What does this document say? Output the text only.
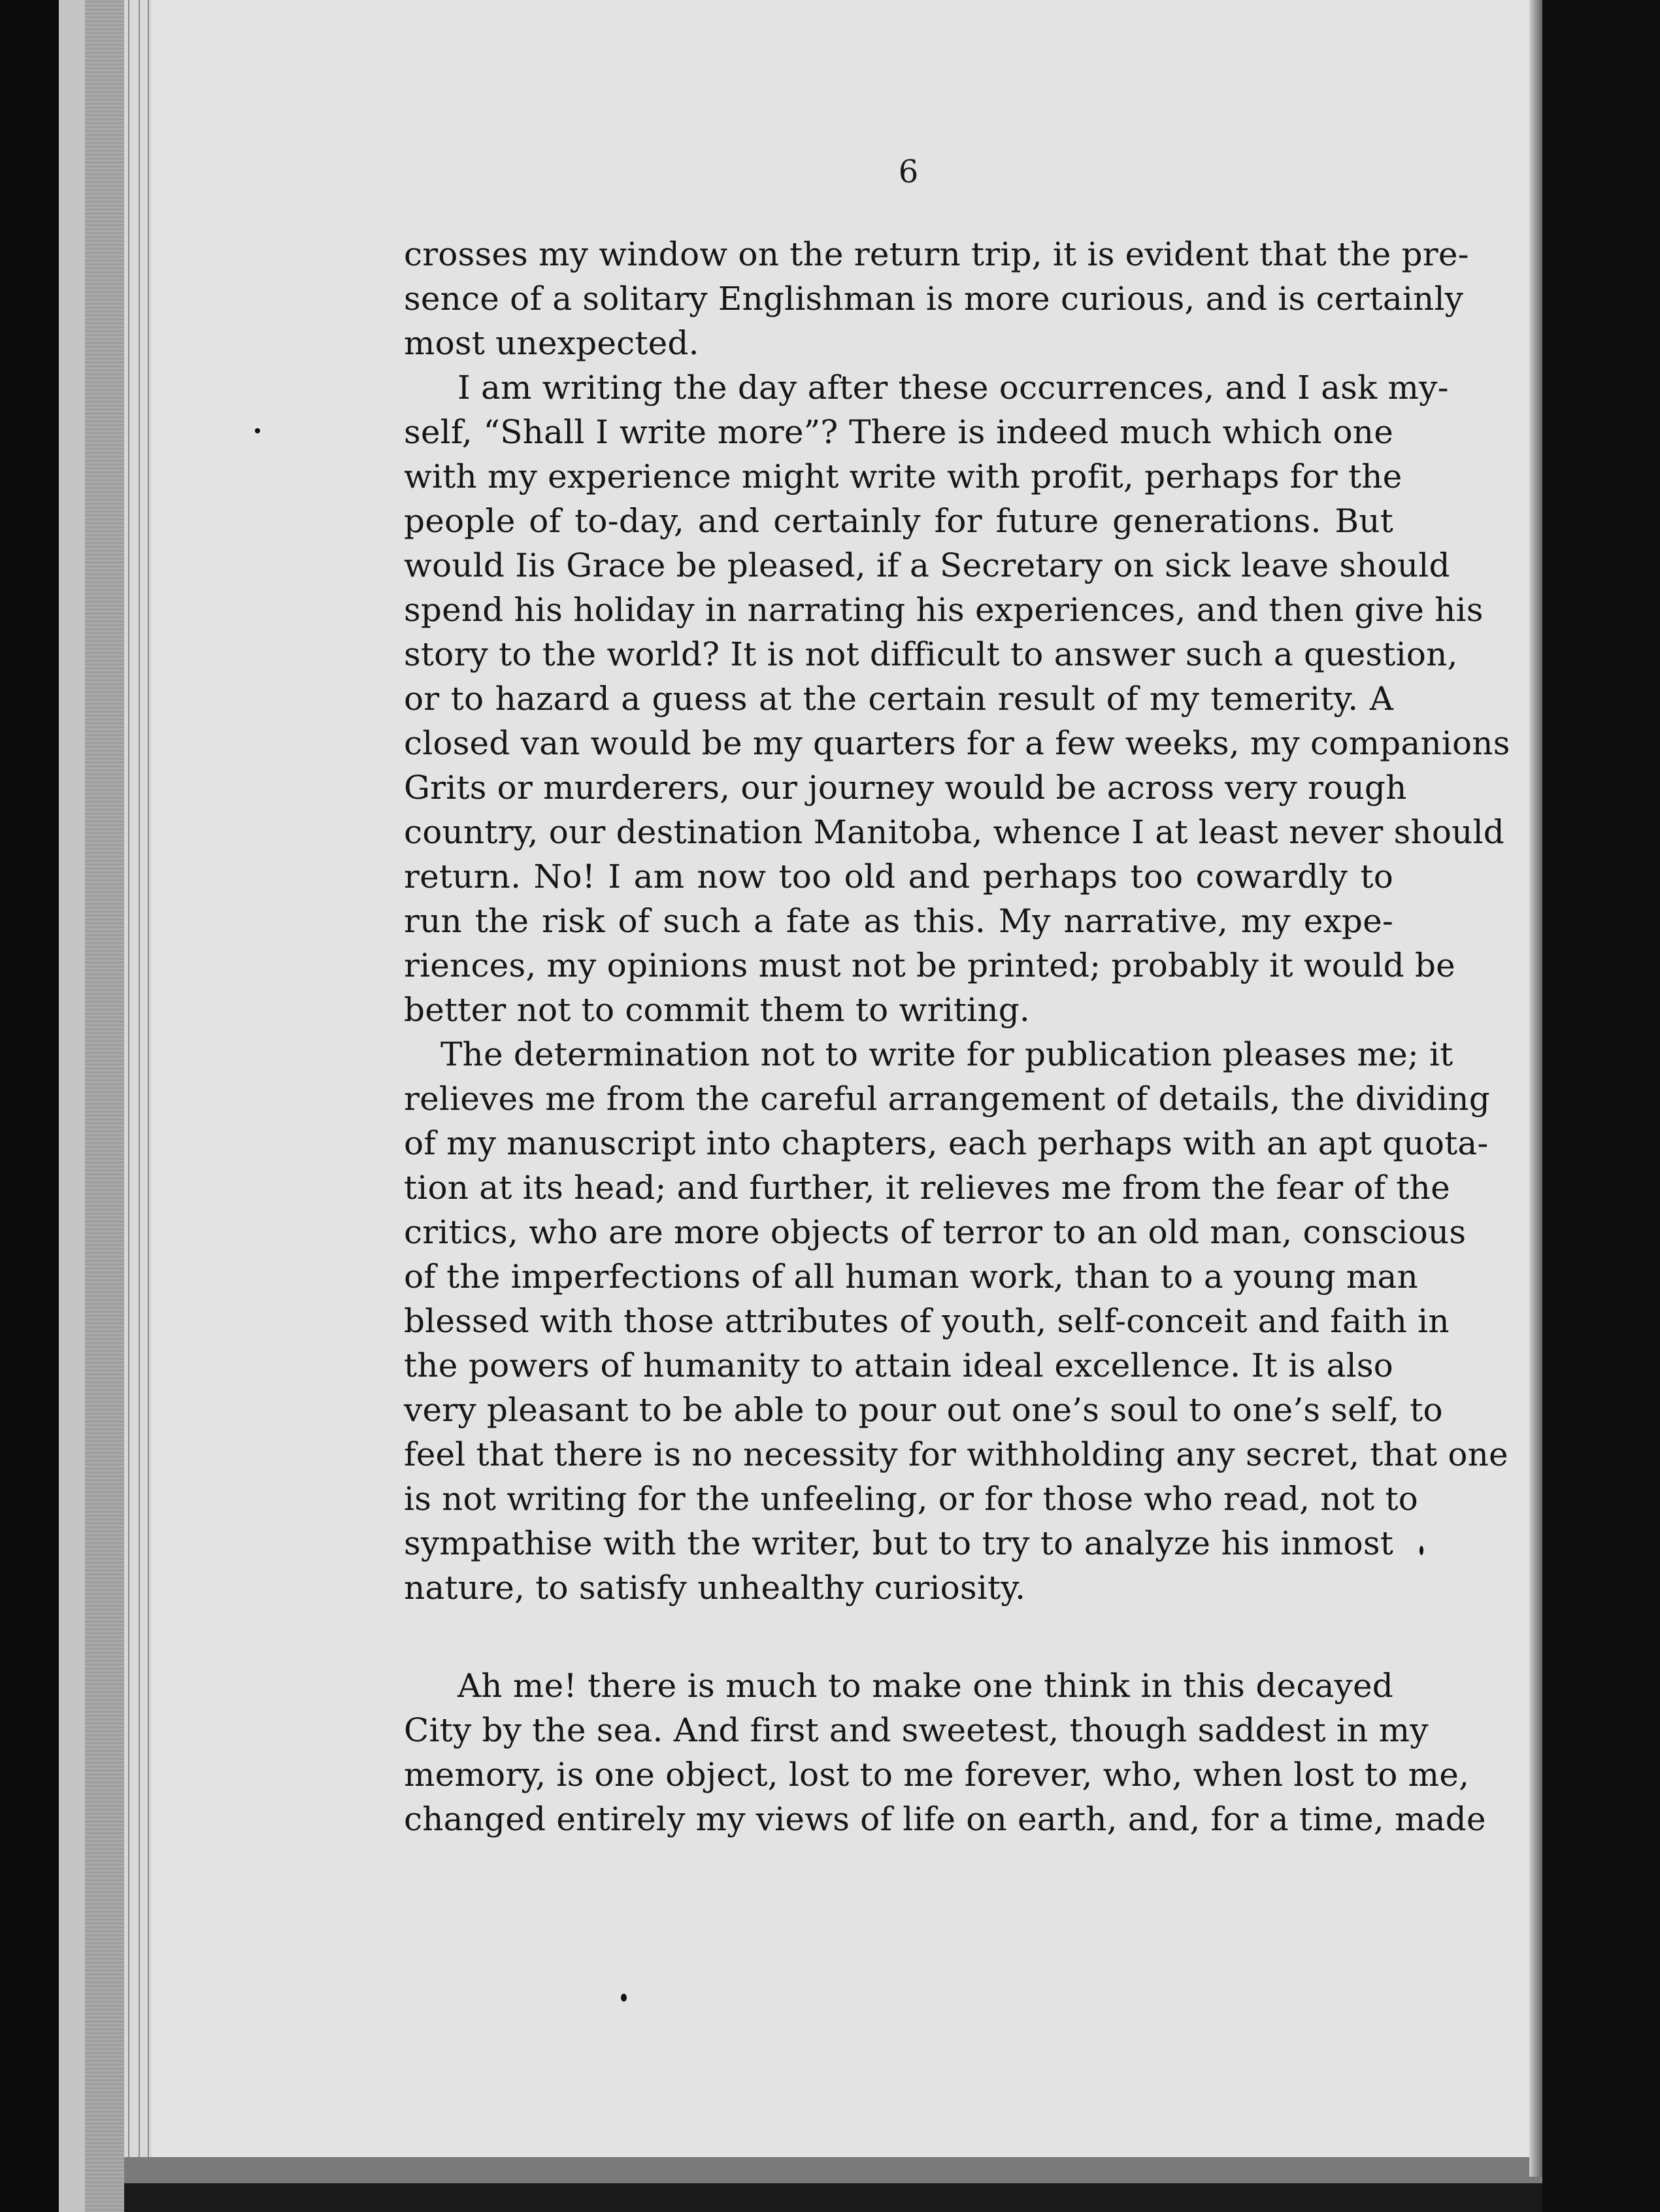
6
crosses my window on the return trip, it is evident that the pre-
sence of a solitary Englishman is more curious, and is certainly
most unexpected.
I am writing the day after these occurrences, and I ask my-
self, “Shall I write more”? There is indeed much which one
with my experience might write with profit, perhaps for the
people of to-day, and certainly for future generations. But
would Iis Grace be pleased, if a Secretary on sick leave should
spend his holiday in narrating his experiences, and then give his
story to the world? It is not difficult to answer such a question,
or to hazard a guess at the certain result of my temerity. A
closed van would be my quarters for a few weeks, my companions
Grits or murderers, our journey would be across very rough
country, our destination Manitoba, whence I at least never should
return. No! I am now too old and perhaps too cowardly to
run the risk of such a fate as this. My narrative, my expe-
riences, my opinions must not be printed; probably it would be
better not to commit them to writing.
The determination not to write for publication pleases me; it
relieves me from the careful arrangement of details, the dividing
of my manuscript into chapters, each perhaps with an apt quota-
tion at its head; and further, it relieves me from the fear of the
critics, who are more objects of terror to an old man, conscious
of the imperfections of all human work, than to a young man
blessed with those attributes of youth, self-conceit and faith in
the powers of humanity to attain ideal excellence. It is also
very pleasant to be able to pour out one’s soul to one’s self, to
feel that there is no necessity for withholding any secret, that one
is not writing for the unfeeling, or for those who read, not to
sympathise with the writer, but to try to analyze his inmost
nature, to satisfy unhealthy curiosity.
Ah me! there is much to make one think in this decayed
City by the sea. And first and sweetest, though saddest in my
memory, is one object, lost to me forever, who, when lost to me,
changed entirely my views of life on earth, and, for a time, made
